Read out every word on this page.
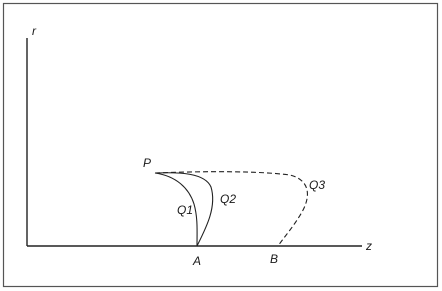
r
z
P
A	B
Q1
Q2
Q3
